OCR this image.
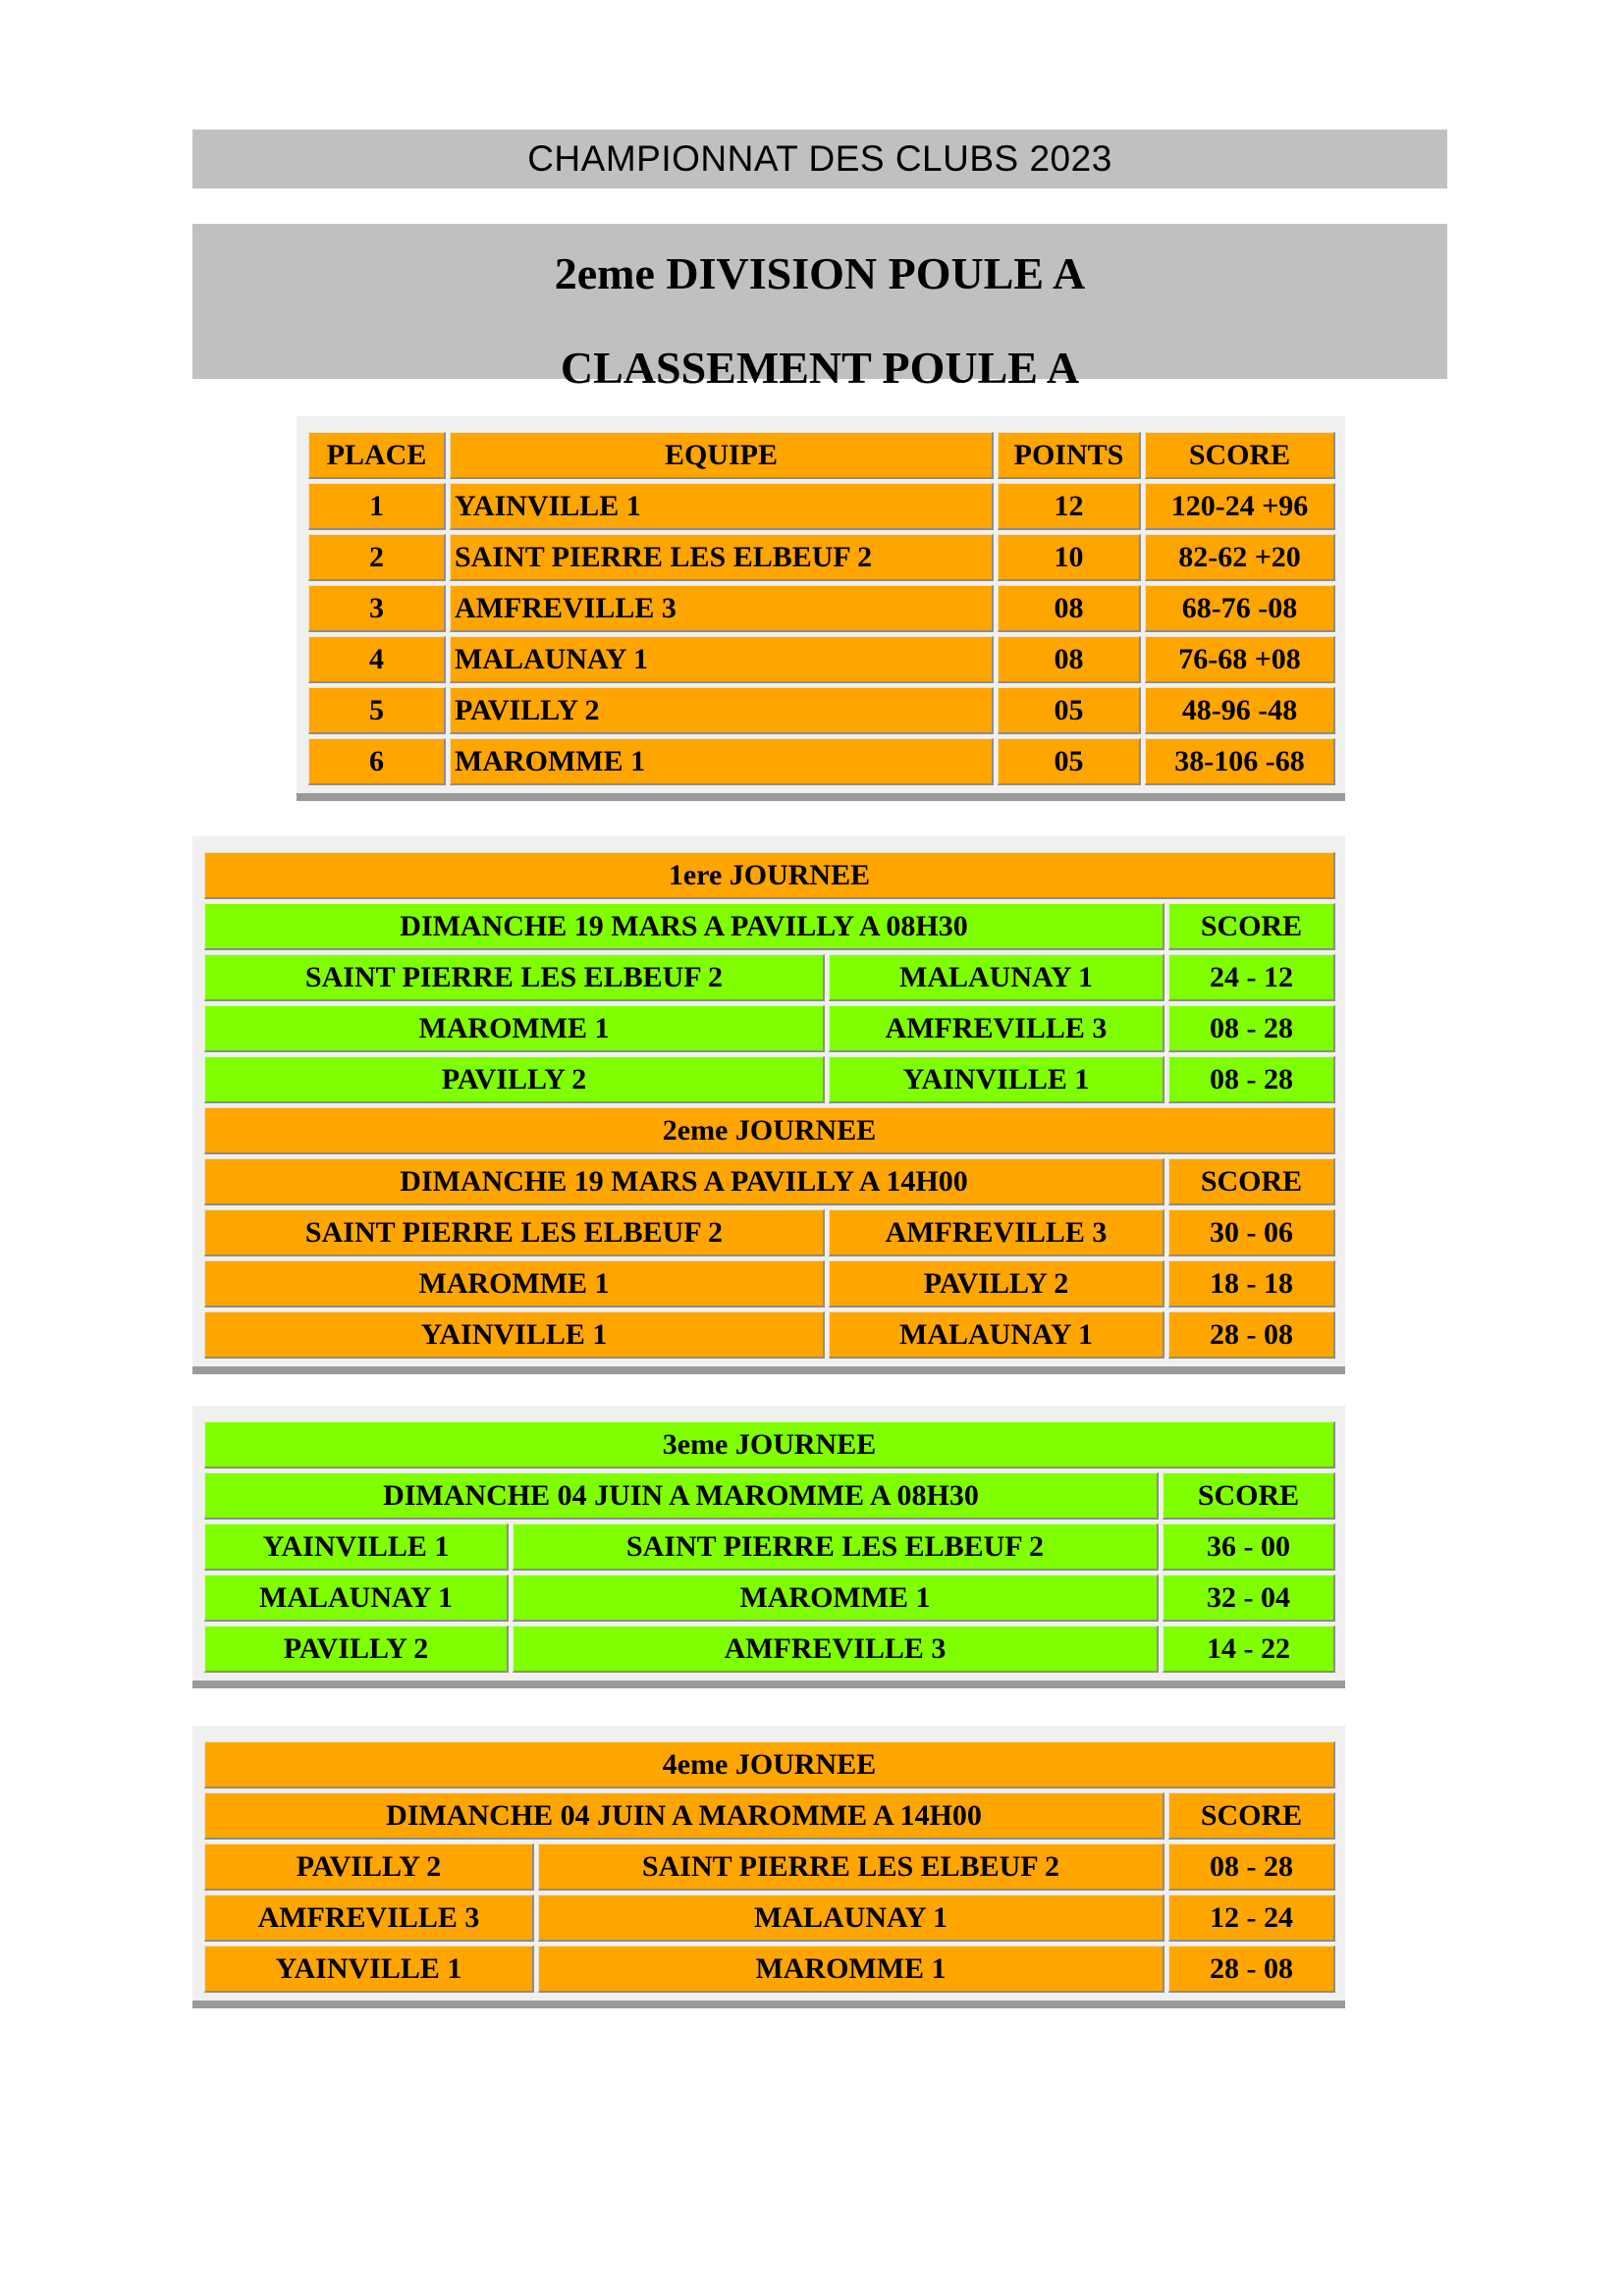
CHAMPIONNAT DES CLUBS 2023
2eme DIVISION POULE A
CLASSEMENT POULE A
PLACE	EQUIPE	POINTS	SCORE
1	YAINVILLE 1	12	120-24 +96
2	SAINT PIERRE LES ELBEUF 2	10	82-62 +20
3	AMFREVILLE 3	08	68-76 -08
4	MALAUNAY 1	08	76-68 +08
5	PAVILLY 2	05	48-96 -48
6	MAROMME 1	05	38-106 -68
1ere JOURNEE
DIMANCHE 19 MARS A PAVILLY A 08H30	SCORE
SAINT PIERRE LES ELBEUF 2	MALAUNAY 1	24 - 12
MAROMME 1	AMFREVILLE 3	08 - 28
PAVILLY 2	YAINVILLE 1	08 - 28
2eme JOURNEE
DIMANCHE 19 MARS A PAVILLY A 14H00	SCORE
SAINT PIERRE LES ELBEUF 2	AMFREVILLE 3	30 - 06
MAROMME 1	PAVILLY 2	18 - 18
YAINVILLE 1	MALAUNAY 1	28 - 08
3eme JOURNEE
DIMANCHE 04 JUIN A MAROMME A 08H30	SCORE
YAINVILLE 1	SAINT PIERRE LES ELBEUF 2	36 - 00
MALAUNAY 1	MAROMME 1	32 - 04
PAVILLY 2	AMFREVILLE 3	14 - 22
4eme JOURNEE
DIMANCHE 04 JUIN A MAROMME A 14H00	SCORE
PAVILLY 2	SAINT PIERRE LES ELBEUF 2	08 - 28
AMFREVILLE 3	MALAUNAY 1	12 - 24
YAINVILLE 1	MAROMME 1	28 - 08
